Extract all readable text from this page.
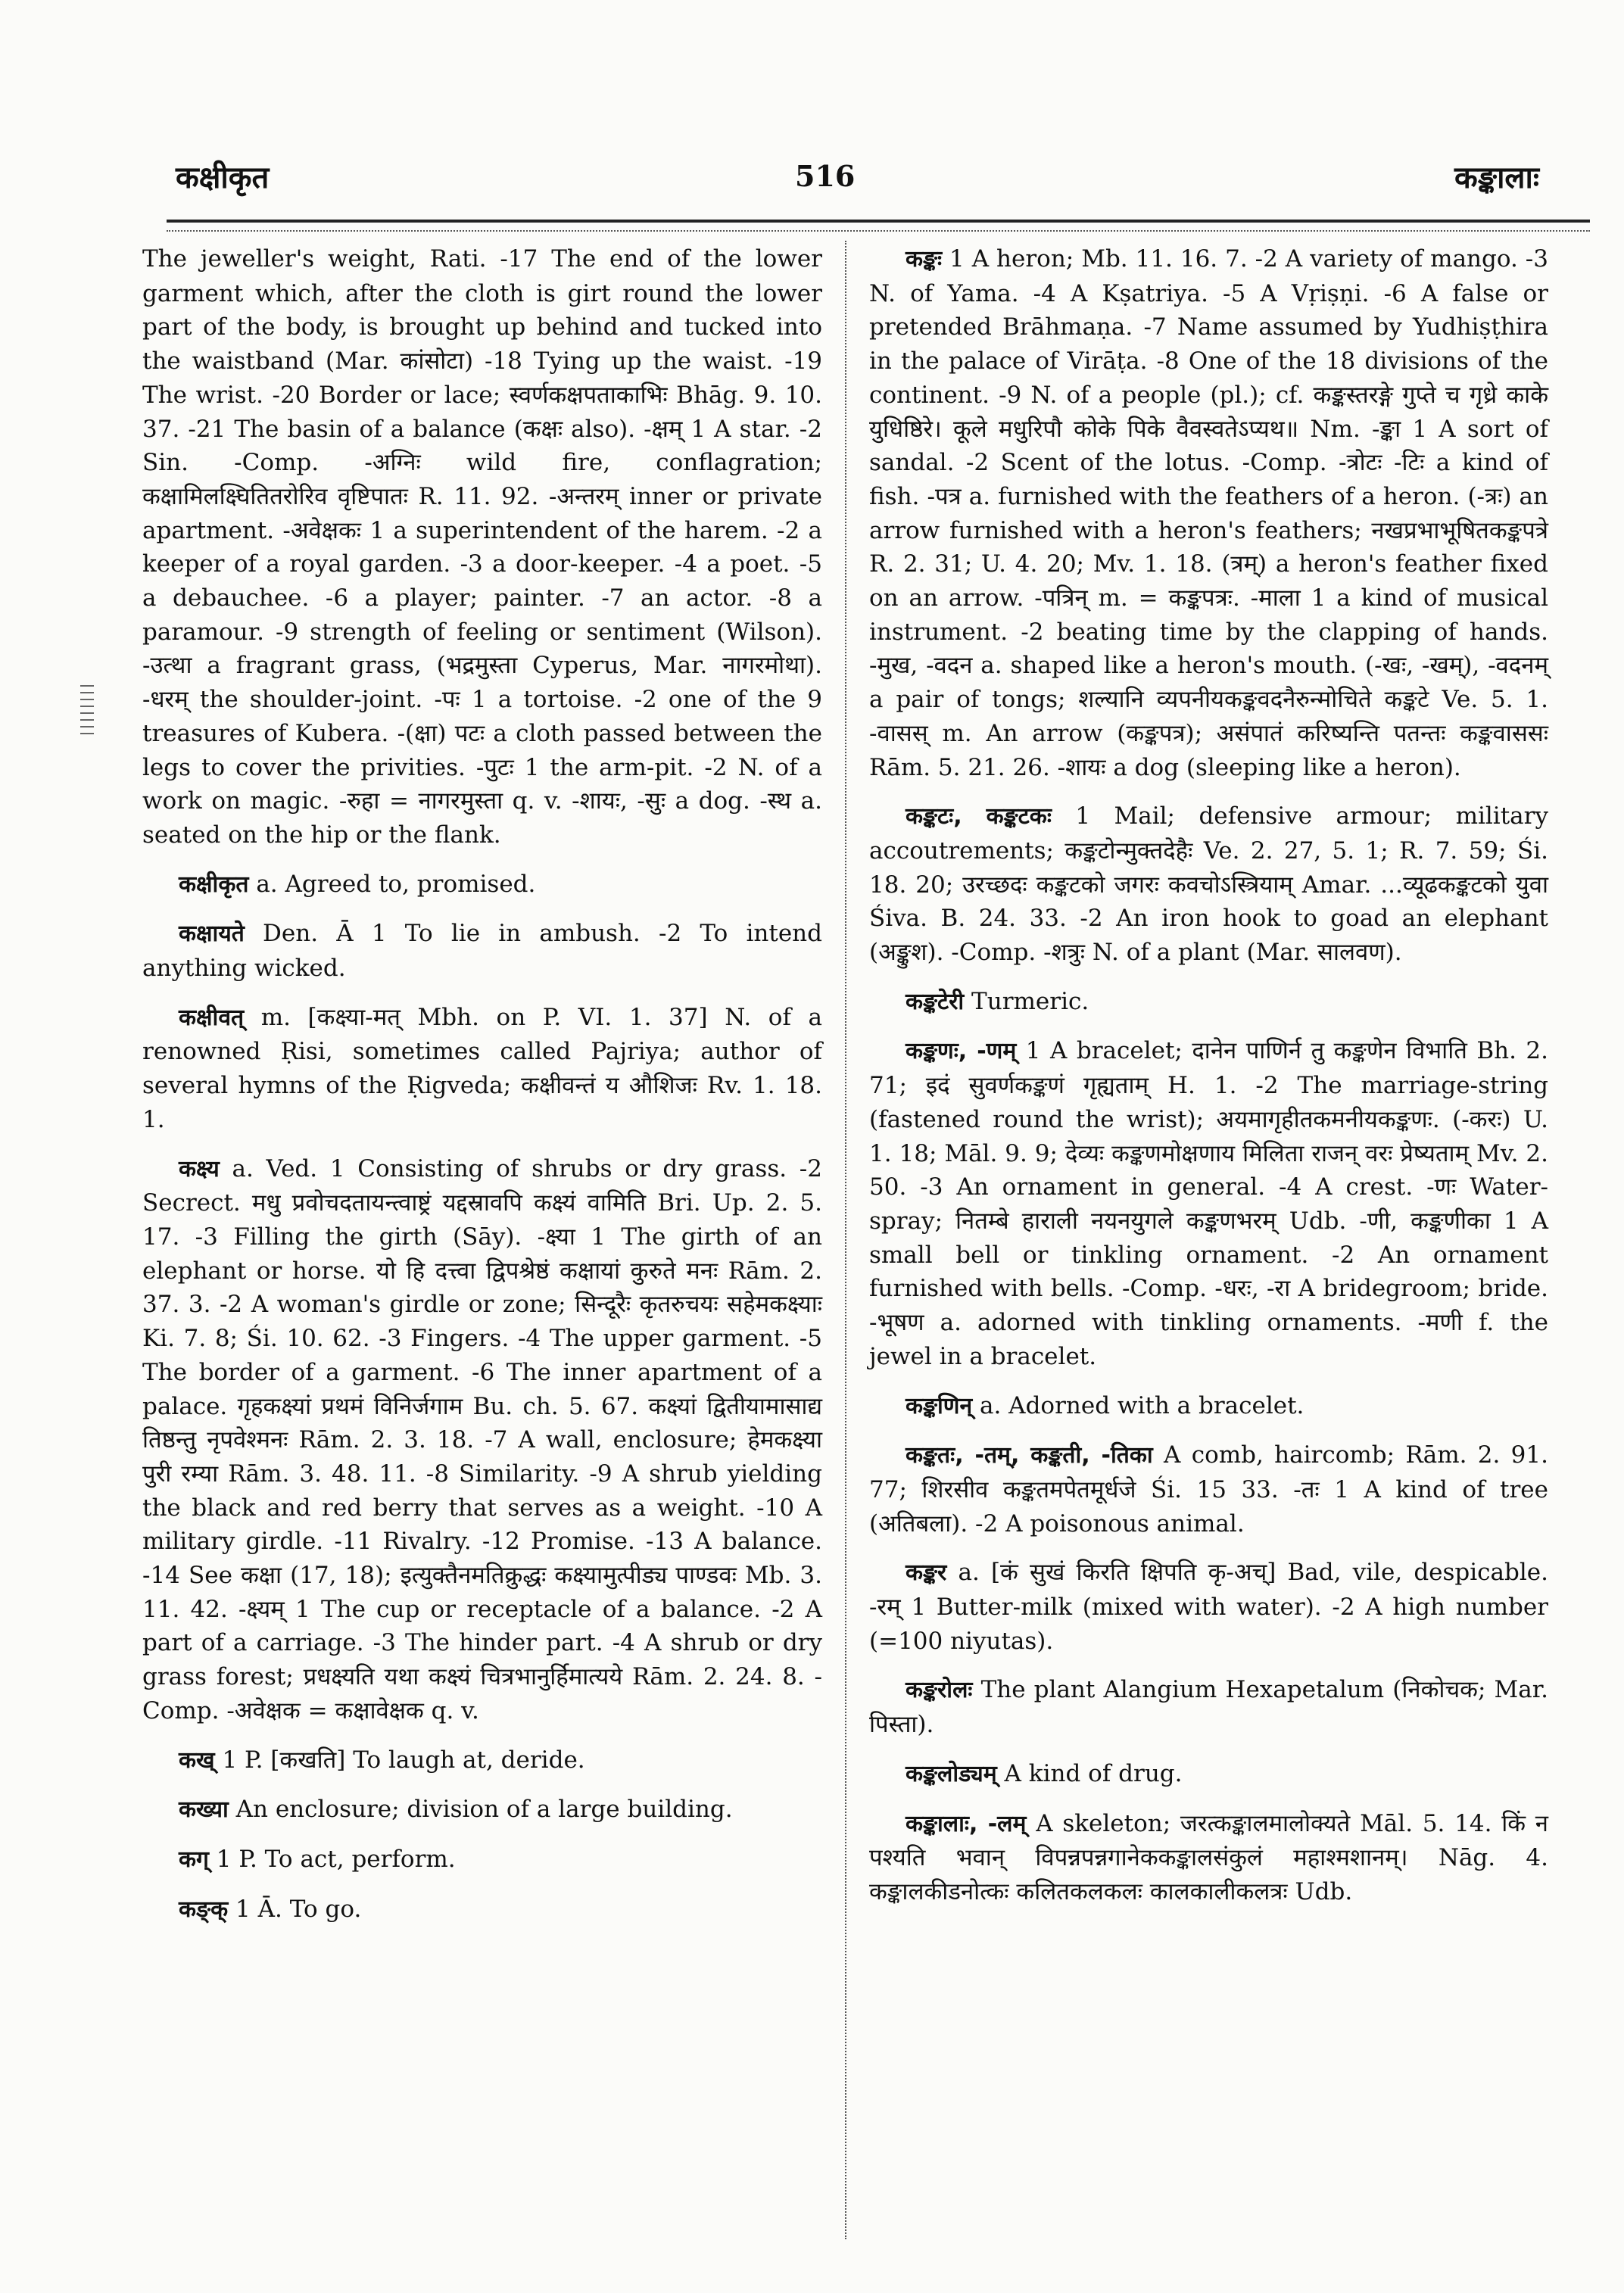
कक्षीकृत	516	कङ्कालाः

The jeweller's weight, Rati. -17 The end of the lower garment which, after the cloth is girt round the lower part of the body, is brought up behind and tucked into the waistband (Mar. कांसोटा) -18 Tying up the waist. -19 The wrist. -20 Border or lace; स्वर्णकक्षपताकाभिः Bhāg. 9. 10. 37. -21 The basin of a balance (कक्षः also). -क्षम् 1 A star. -2 Sin. -Comp. -अग्निः wild fire, conflagration; कक्षामिलक्ष्घितितरोरिव वृष्टिपातः R. 11. 92. -अन्तरम् inner or private apartment. -अवेक्षकः 1 a superintendent of the harem. -2 a keeper of a royal garden. -3 a door-keeper. -4 a poet. -5 a debauchee. -6 a player; painter. -7 an actor. -8 a paramour. -9 strength of feeling or sentiment (Wilson). -उत्था a fragrant grass, (भद्रमुस्ता Cyperus, Mar. नागरमोथा). -धरम् the shoulder-joint. -पः 1 a tortoise. -2 one of the 9 treasures of Kubera. -(क्षा) पटः a cloth passed between the legs to cover the privities. -पुटः 1 the arm-pit. -2 N. of a work on magic. -रुहा = नागरमुस्ता q. v. -शायः, -सुः a dog. -स्थ a. seated on the hip or the flank.

कक्षीकृत a. Agreed to, promised.

कक्षायते Den. Ā 1 To lie in ambush. -2 To intend anything wicked.

कक्षीवत् m. [कक्ष्या-मत् Mbh. on P. VI. 1. 37] N. of a renowned Ṛisi, sometimes called Pajriya; author of several hymns of the Ṛigveda; कक्षीवन्तं य औशिजः Rv. 1. 18. 1.

कक्ष्य a. Ved. 1 Consisting of shrubs or dry grass. -2 Secrect. मधु प्रवोचदतायन्त्वाष्ट्रं यद्दस्रावपि कक्ष्यं वामिति Bri. Up. 2. 5. 17. -3 Filling the girth (Sāy). -क्ष्या 1 The girth of an elephant or horse. यो हि दत्त्वा द्विपश्रेष्ठं कक्षायां कुरुते मनः Rām. 2. 37. 3. -2 A woman's girdle or zone; सिन्दूरैः कृतरुचयः सहेमकक्ष्याः Ki. 7. 8; Śi. 10. 62. -3 Fingers. -4 The upper garment. -5 The border of a garment. -6 The inner apartment of a palace. गृहकक्ष्यां प्रथमं विनिर्जगाम Bu. ch. 5. 67. कक्ष्यां द्वितीयामासाद्य तिष्ठन्तु नृपवेश्मनः Rām. 2. 3. 18. -7 A wall, enclosure; हेमकक्ष्या पुरी रम्या Rām. 3. 48. 11. -8 Similarity. -9 A shrub yielding the black and red berry that serves as a weight. -10 A military girdle. -11 Rivalry. -12 Promise. -13 A balance. -14 See कक्षा (17, 18); इत्युक्तैनमतिक्रुद्धः कक्ष्यामुत्पीड्य पाण्डवः Mb. 3. 11. 42. -क्ष्यम् 1 The cup or receptacle of a balance. -2 A part of a carriage. -3 The hinder part. -4 A shrub or dry grass forest; प्रधक्ष्यति यथा कक्ष्यं चित्रभानुर्हिमात्यये Rām. 2. 24. 8. -Comp. -अवेक्षक = कक्षावेक्षक q. v.

कख् 1 P. [कखति] To laugh at, deride.

कख्या An enclosure; division of a large building.

कग् 1 P. To act, perform.

कङ्क् 1 Ā. To go.

कङ्कः 1 A heron; Mb. 11. 16. 7. -2 A variety of mango. -3 N. of Yama. -4 A Kṣatriya. -5 A Vṛiṣṇi. -6 A false or pretended Brāhmaṇa. -7 Name assumed by Yudhiṣṭhira in the palace of Virāṭa. -8 One of the 18 divisions of the continent. -9 N. of a people (pl.); cf. कङ्कस्तरङ्गे गुप्ते च गृध्रे काके युधिष्ठिरे। कूले मधुरिपौ कोके पिके वैवस्वतेऽप्यथ॥ Nm. -ङ्का 1 A sort of sandal. -2 Scent of the lotus. -Comp. -त्रोटः -टिः a kind of fish. -पत्र a. furnished with the feathers of a heron. (-त्रः) an arrow furnished with a heron's feathers; नखप्रभाभूषितकङ्कपत्रे R. 2. 31; U. 4. 20; Mv. 1. 18. (त्रम्) a heron's feather fixed on an arrow. -पत्रिन् m. = कङ्कपत्रः. -माला 1 a kind of musical instrument. -2 beating time by the clapping of hands. -मुख, -वदन a. shaped like a heron's mouth. (-खः, -खम्), -वदनम् a pair of tongs; शल्यानि व्यपनीयकङ्कवदनैरुन्मोचिते कङ्कटे Ve. 5. 1. -वासस् m. An arrow (कङ्कपत्र); असंपातं करिष्यन्ति पतन्तः कङ्कवाससः Rām. 5. 21. 26. -शायः a dog (sleeping like a heron).

कङ्कटः, कङ्कटकः 1 Mail; defensive armour; military accoutrements; कङ्कटोन्मुक्तदेहैः Ve. 2. 27, 5. 1; R. 7. 59; Śi. 18. 20; उरच्छदः कङ्कटको जगरः कवचोऽस्त्रियाम् Amar. ...व्यूढकङ्कटको युवा Śiva. B. 24. 33. -2 An iron hook to goad an elephant (अङ्कुश). -Comp. -शत्रुः N. of a plant (Mar. सालवण).

कङ्कटेरी Turmeric.

कङ्कणः, -णम् 1 A bracelet; दानेन पाणिर्न तु कङ्कणेन विभाति Bh. 2. 71; इदं सुवर्णकङ्कणं गृह्यताम् H. 1. -2 The marriage-string (fastened round the wrist); अयमागृहीतकमनीयकङ्कणः. (-करः) U. 1. 18; Māl. 9. 9; देव्यः कङ्कणमोक्षणाय मिलिता राजन् वरः प्रेष्यताम् Mv. 2. 50. -3 An ornament in general. -4 A crest. -णः Water-spray; नितम्बे हाराली नयनयुगले कङ्कणभरम् Udb. -णी, कङ्कणीका 1 A small bell or tinkling ornament. -2 An ornament furnished with bells. -Comp. -धरः, -रा A bridegroom; bride. -भूषण a. adorned with tinkling ornaments. -मणी f. the jewel in a bracelet.

कङ्कणिन् a. Adorned with a bracelet.

कङ्कतः, -तम्, कङ्कती, -तिका A comb, haircomb; Rām. 2. 91. 77; शिरसीव कङ्कतमपेतमूर्धजे Śi. 15 33. -तः 1 A kind of tree (अतिबला). -2 A poisonous animal.

कङ्कर a. [कं सुखं किरति क्षिपति कृ-अच्] Bad, vile, despicable. -रम् 1 Butter-milk (mixed with water). -2 A high number (=100 niyutas).

कङ्करोलः The plant Alangium Hexapetalum (निकोचक; Mar. पिस्ता).

कङ्कलोड्यम् A kind of drug.

कङ्कालाः, -लम् A skeleton; जरत्कङ्कालमालोक्यते Māl. 5. 14. किं न पश्यति भवान् विपन्नपन्नगानेककङ्कालसंकुलं महाश्मशानम्। Nāg. 4. कङ्कालकीडनोत्कः कलितकलकलः कालकालीकलत्रः Udb.
